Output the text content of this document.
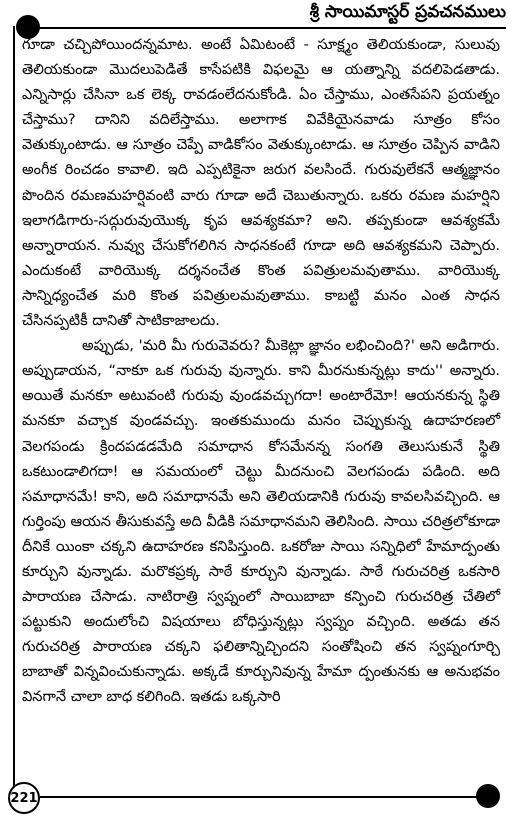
శ్రీ సాయిమాస్టర్ ప్రవచనములు

గూడా చచ్చిపోయిందన్నమాట. అంటే ఏమిటంటే - సూక్ష్మం తెలియకుండా, సులువు తెలియకుండా మొదలుపెడితే కాసేపటికి విఫలమై ఆ యత్నాన్ని వదలిపెడతాడు. ఎన్నిసార్లు చేసినా ఒక లెక్క రావడంలేదనుకోండి. ఏం చేస్తాము, ఎంతసేపని ప్రయత్నం చేస్తాము? దానిని వదిలేస్తాము. అలాగాక వివేకియైనవాడు సూత్రం కోసం వెతుక్కుంటాడు. ఆ సూత్రం చెప్పే వాడికోసం వెతుక్కుంటాడు. ఆ సూత్రం చెప్పిన వాడిని అంగీక రించడం కావాలి. ఇది ఎప్పటికైనా జరుగ వలసిందే. గురువులేకనే ఆత్మజ్ఞానం పొందిన రమణమహర్షివంటి వారు గూడా అదే చెబుతున్నారు. ఒకరు రమణ మహర్షిని ఇలాగడిగారు-సద్గురువుయొక్క కృప ఆవశ్యకమా? అని. తప్పకుండా ఆవశ్యకమే అన్నారాయన. నువ్వు చేసుకోగలిగిన సాధనకంటే గూడా అది ఆవశ్యకమని చెప్పారు. ఎందుకంటే వారియొక్క దర్శనంచేత కొంత పవిత్రులమవుతాము. వారియొక్క సాన్నిధ్యంచేత మరి కొంత పవిత్రులమవుతాము. కాబట్టి మనం ఎంత సాధన చేసినప్పటికీ దానితో సాటికాజాలదు.

అప్పుడు, 'మరి మీ గురువెవరు? మీకెట్లా జ్ఞానం లభించింది?' అని అడిగారు. అప్పుడాయన, “నాకూ ఒక గురువు వున్నారు. కాని మీరనుకున్నట్లు కాదు'' అన్నారు. అయితే మనకూ అటువంటి గురువు వుండవచ్చుగదా! అంటారేమో! ఆయనకున్న స్థితి మనకూ వచ్చాక వుండవచ్చు. ఇంతకుముందు మనం చెప్పుకున్న ఉదాహరణలో వెలగపండు క్రిందపడడమేది సమాధాన కోసమేనన్న సంగతి తెలుసుకునే స్థితి ఒకటుండాలిగదా! ఆ సమయంలో చెట్టు మీదనుంచి వెలగపండు పడింది. అది సమాధానమే! కాని, అది సమాధానమే అని తెలియడానికి గురువు కావలసివచ్చింది. ఆ గుర్తింపు ఆయన తీసుకువస్తే అది వీడికి సమాధానమని తెలిసింది. సాయి చరిత్రలోకూడా దీనికే యింకా చక్కని ఉదాహరణ కనిపిస్తుంది. ఒకరోజు సాయి సన్నిధిలో హేమాద్పంతు కూర్చుని వున్నాడు. మరొకప్రక్క సాఠే కూర్చుని వున్నాడు. సాఠే గురుచరిత్ర ఒకసారి పారాయణ చేసాడు. నాటిరాత్రి స్వప్నంలో సాయిబాబా కన్పించి గురుచరిత్ర చేతిలో పట్టుకుని అందులోంచి విషయాలు బోధిస్తున్నట్లు స్వప్నం వచ్చింది. అతడు తన గురుచరిత్ర పారాయణ చక్కని ఫలితాన్నిచ్చిందని సంతోషించి తన స్వప్నంగూర్చి బాబాతో విన్నవించుకున్నాడు. అక్కడే కూర్చునివున్న హేమా ద్పంతునకు ఆ అనుభవం వినగానే చాలా బాధ కలిగింది. ఇతడు ఒక్కసారి

221
